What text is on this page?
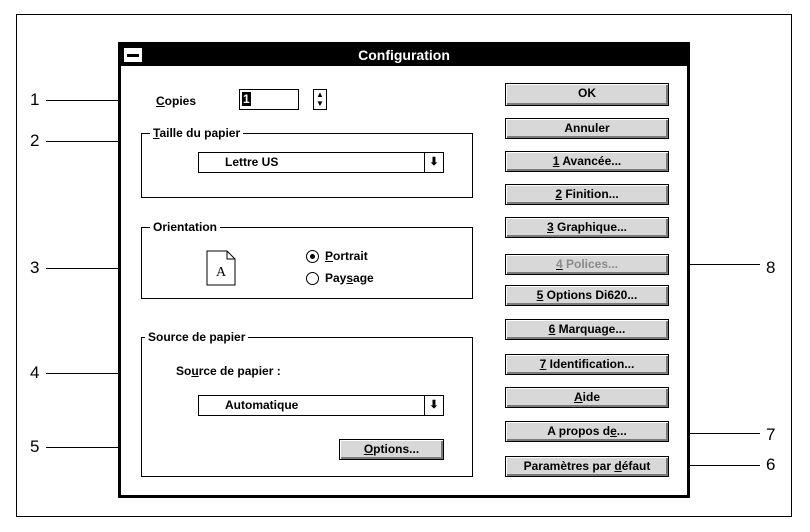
1
2
3
4
5
6
7
8
Configuration
Copies	1	▲
▼
Taille du papier
Lettre US	⬇
Orientation
A
Portrait
Paysage
Source de papier
Source de papier :
Automatique	⬇
Options...
OK
Annuler
1 Avancée...
2 Finition...
3 Graphique...
4 Polices...
5 Options Di620...
6 Marquage...
7 Identification...
Aide
A propos de...
Paramètres par défaut
